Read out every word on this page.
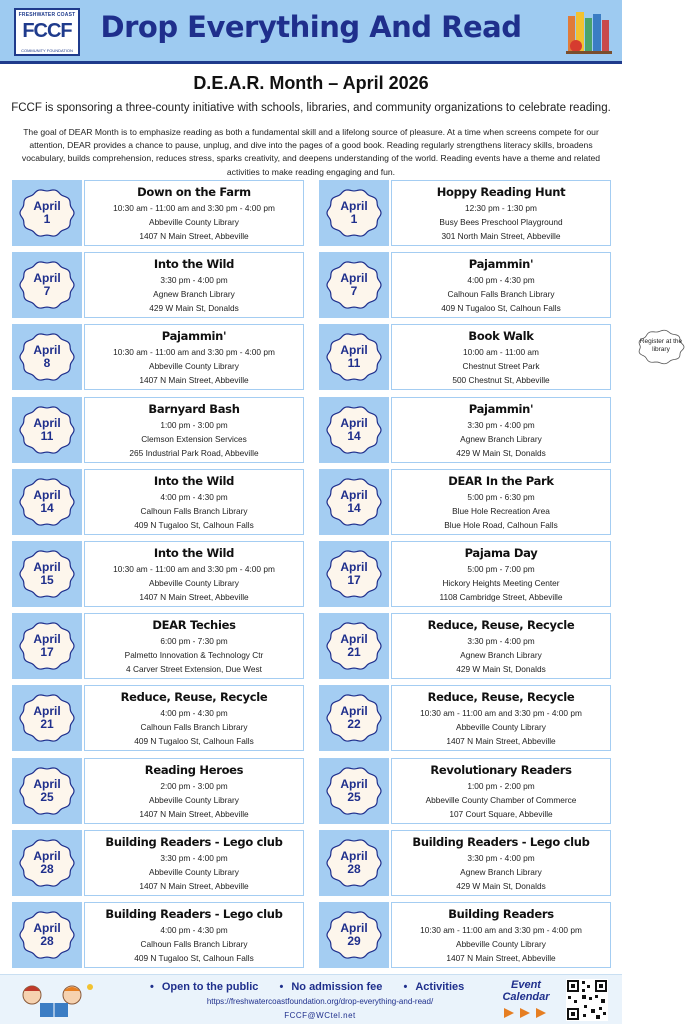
FRESHWATER COAST
FCCF
COMMUNITY FOUNDATION
Drop Everything And Read
D.E.A.R. Month – April 2026
FCCF is sponsoring a three-county initiative with schools, libraries, and community organizations to celebrate reading.
The goal of DEAR Month is to emphasize reading as both a fundamental skill and a lifelong source of pleasure. At a time when screens compete for our attention, DEAR provides a chance to pause, unplug, and dive into the pages of a good book. Reading regularly strengthens literacy skills, broadens vocabulary, builds comprehension, reduces stress, sparks creativity, and deepens understanding of the world. Reading events have a theme and related activities to make reading engaging and fun.
April
1
Down on the Farm
10:30 am - 11:00 am and 3:30 pm - 4:00 pm
Abbeville County Library
1407 N Main Street, Abbeville
April
7
Into the Wild
3:30 pm - 4:00 pm
Agnew Branch Library
429 W Main St, Donalds
April
8
Pajammin'
10:30 am - 11:00 am and 3:30 pm - 4:00 pm
Abbeville County Library
1407 N Main Street, Abbeville
April
11
Barnyard Bash
1:00 pm - 3:00 pm
Clemson Extension Services
265 Industrial Park Road, Abbeville
April
14
Into the Wild
4:00 pm - 4:30 pm
Calhoun Falls Branch Library
409 N Tugaloo St, Calhoun Falls
April
15
Into the Wild
10:30 am - 11:00 am and 3:30 pm - 4:00 pm
Abbeville County Library
1407 N Main Street, Abbeville
April
17
DEAR Techies
6:00 pm - 7:30 pm
Palmetto Innovation & Technology Ctr
4 Carver Street Extension, Due West
April
21
Reduce, Reuse, Recycle
4:00 pm - 4:30 pm
Calhoun Falls Branch Library
409 N Tugaloo St, Calhoun Falls
April
25
Reading Heroes
2:00 pm - 3:00 pm
Abbeville County Library
1407 N Main Street, Abbeville
April
28
Building Readers - Lego club
3:30 pm - 4:00 pm
Abbeville County Library
1407 N Main Street, Abbeville
April
28
Building Readers - Lego club
4:00 pm - 4:30 pm
Calhoun Falls Branch Library
409 N Tugaloo St, Calhoun Falls
April
1
Hoppy Reading Hunt
12:30 pm - 1:30 pm
Busy Bees Preschool Playground
301 North Main Street, Abbeville
April
7
Pajammin'
4:00 pm - 4:30 pm
Calhoun Falls Branch Library
409 N Tugaloo St, Calhoun Falls
April
11
Book Walk
10:00 am - 11:00 am
Chestnut Street Park
500 Chestnut St, Abbeville
Register at the library
April
14
Pajammin'
3:30 pm - 4:00 pm
Agnew Branch Library
429 W Main St, Donalds
April
14
DEAR In the Park
5:00 pm - 6:30 pm
Blue Hole Recreation Area
Blue Hole Road, Calhoun Falls
April
17
Pajama Day
5:00 pm - 7:00 pm
Hickory Heights Meeting Center
1108 Cambridge Street, Abbeville
April
21
Reduce, Reuse, Recycle
3:30 pm - 4:00 pm
Agnew Branch Library
429 W Main St, Donalds
April
22
Reduce, Reuse, Recycle
10:30 am - 11:00 am and 3:30 pm - 4:00 pm
Abbeville County Library
1407 N Main Street, Abbeville
April
25
Revolutionary Readers
1:00 pm - 2:00 pm
Abbeville County Chamber of Commerce
107 Court Square, Abbeville
April
28
Building Readers - Lego club
3:30 pm - 4:00 pm
Agnew Branch Library
429 W Main St, Donalds
April
29
Building Readers
10:30 am - 11:00 am and 3:30 pm - 4:00 pm
Abbeville County Library
1407 N Main Street, Abbeville
• Open to the public	• No admission fee	• Activities
https://freshwatercoastfoundation.org/drop-everything-and-read/
FCCF@WCtel.net
Event
Calendar
